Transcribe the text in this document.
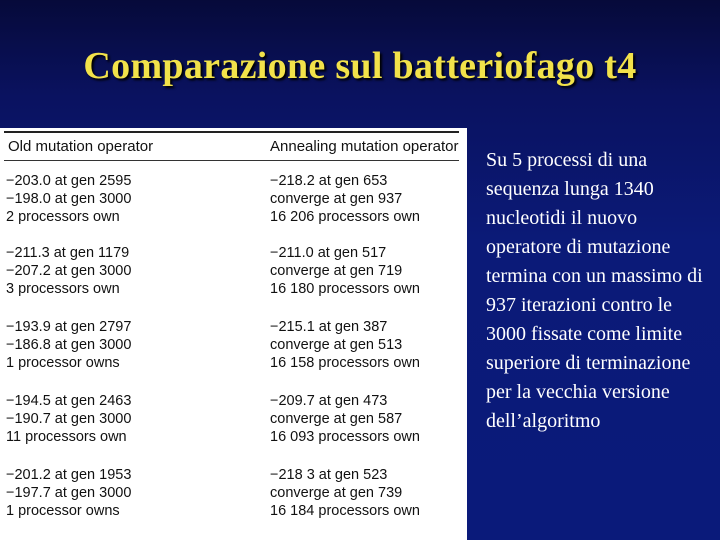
Comparazione sul batteriofago t4
Old mutation operator	Annealing mutation operator
−203.0 at gen 2595
−198.0 at gen 3000
2 processors own
−218.2 at gen 653
converge at gen 937
16 206 processors own
−211.3 at gen 1179
−207.2 at gen 3000
3 processors own
−211.0 at gen 517
converge at gen 719
16 180 processors own
−193.9 at gen 2797
−186.8 at gen 3000
1 processor owns
−215.1 at gen 387
converge at gen 513
16 158 processors own
−194.5 at gen 2463
−190.7 at gen 3000
11 processors own
−209.7 at gen 473
converge at gen 587
16 093 processors own
−201.2 at gen 1953
−197.7 at gen 3000
1 processor owns
−218 3 at gen 523
converge at gen 739
16 184 processors own
Su 5 processi di una sequenza lunga 1340 nucleotidi il nuovo operatore di mutazione termina con un massimo di 937 iterazioni contro le 3000 fissate come limite superiore di terminazione per la vecchia versione dell’algoritmo
